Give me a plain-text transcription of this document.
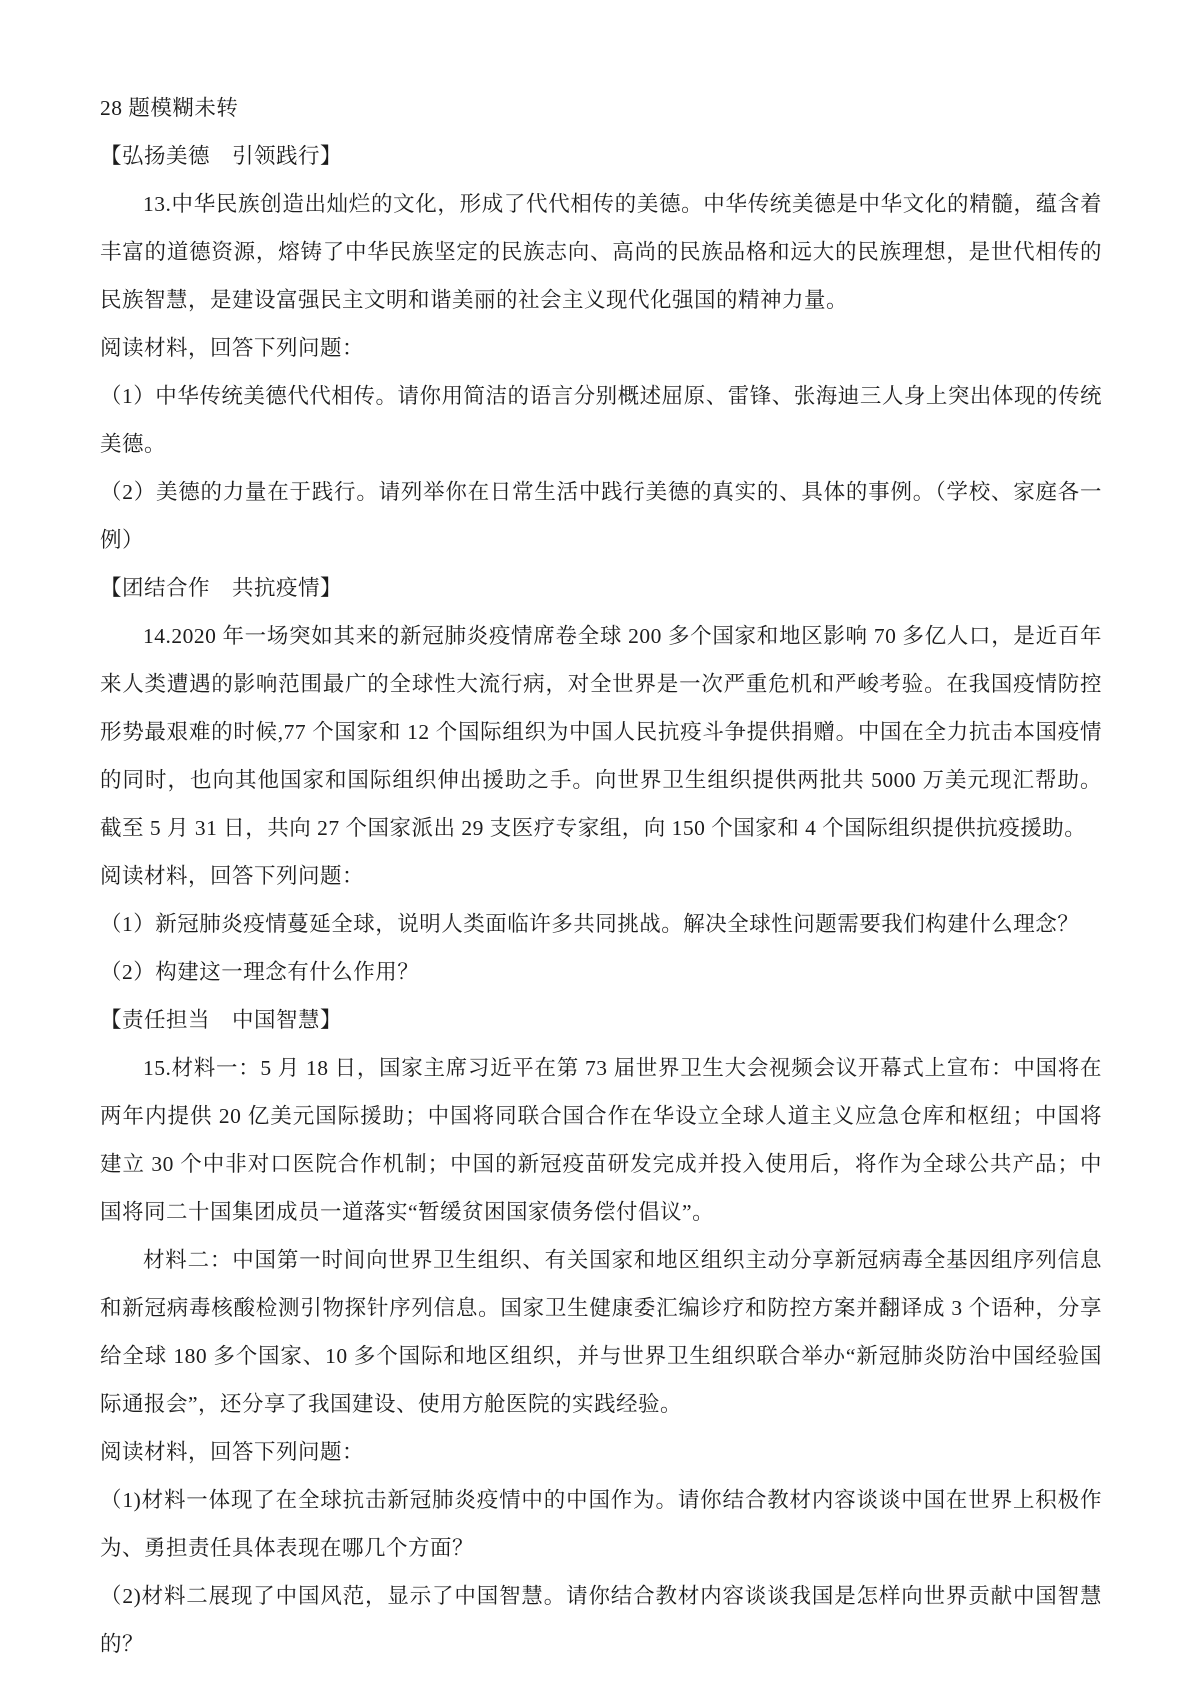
28 题模糊未转

【弘扬美德　引领践行】

13.中华民族创造出灿烂的文化，形成了代代相传的美德。中华传统美德是中华文化的精髓，蕴含着丰富的道德资源，熔铸了中华民族坚定的民族志向、高尚的民族品格和远大的民族理想，是世代相传的民族智慧，是建设富强民主文明和谐美丽的社会主义现代化强国的精神力量。

阅读材料，回答下列问题：

（1）中华传统美德代代相传。请你用简洁的语言分别概述屈原、雷锋、张海迪三人身上突出体现的传统美德。

（2）美德的力量在于践行。请列举你在日常生活中践行美德的真实的、具体的事例。（学校、家庭各一例）

【团结合作　共抗疫情】

14.2020 年一场突如其来的新冠肺炎疫情席卷全球 200 多个国家和地区影响 70 多亿人口，是近百年来人类遭遇的影响范围最广的全球性大流行病，对全世界是一次严重危机和严峻考验。在我国疫情防控形势最艰难的时候,77 个国家和 12 个国际组织为中国人民抗疫斗争提供捐赠。中国在全力抗击本国疫情的同时，也向其他国家和国际组织伸出援助之手。向世界卫生组织提供两批共 5000 万美元现汇帮助。截至 5 月 31 日，共向 27 个国家派出 29 支医疗专家组，向 150 个国家和 4 个国际组织提供抗疫援助。

阅读材料，回答下列问题：

（1）新冠肺炎疫情蔓延全球，说明人类面临许多共同挑战。解决全球性问题需要我们构建什么理念？

（2）构建这一理念有什么作用？

【责任担当　中国智慧】

15.材料一：5 月 18 日，国家主席习近平在第 73 届世界卫生大会视频会议开幕式上宣布：中国将在两年内提供 20 亿美元国际援助；中国将同联合国合作在华设立全球人道主义应急仓库和枢纽；中国将建立 30 个中非对口医院合作机制；中国的新冠疫苗研发完成并投入使用后，将作为全球公共产品；中国将同二十国集团成员一道落实“暂缓贫困国家债务偿付倡议”。

材料二：中国第一时间向世界卫生组织、有关国家和地区组织主动分享新冠病毒全基因组序列信息和新冠病毒核酸检测引物探针序列信息。国家卫生健康委汇编诊疗和防控方案并翻译成 3 个语种，分享给全球 180 多个国家、10 多个国际和地区组织，并与世界卫生组织联合举办“新冠肺炎防治中国经验国际通报会”，还分享了我国建设、使用方舱医院的实践经验。

阅读材料，回答下列问题：

（1)材料一体现了在全球抗击新冠肺炎疫情中的中国作为。请你结合教材内容谈谈中国在世界上积极作为、勇担责任具体表现在哪几个方面？

（2)材料二展现了中国风范，显示了中国智慧。请你结合教材内容谈谈我国是怎样向世界贡献中国智慧的？
